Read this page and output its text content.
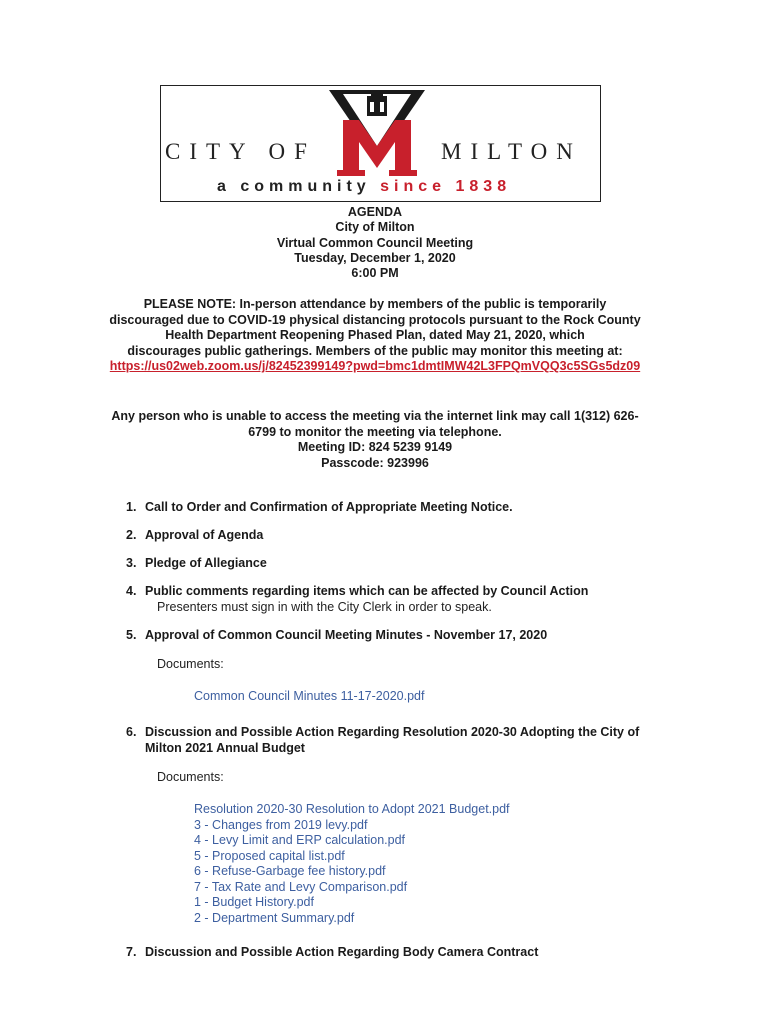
CITY OF	MILTON
a community since 1838
AGENDA
City of Milton
Virtual Common Council Meeting
Tuesday, December 1, 2020
6:00 PM
PLEASE NOTE: In-person attendance by members of the public is temporarily
discouraged due to COVID-19 physical distancing protocols pursuant to the Rock County
Health Department Reopening Phased Plan, dated May 21, 2020, which
discourages public gatherings. Members of the public may monitor this meeting at:
https://us02web.zoom.us/j/82452399149?pwd=bmc1dmtIMW42L3FPQmVQQ3c5SGs5dz09
Any person who is unable to access the meeting via the internet link may call 1(312) 626-
6799 to monitor the meeting via telephone.
Meeting ID: 824 5239 9149
Passcode: 923996
1. Call to Order and Confirmation of Appropriate Meeting Notice.
2. Approval of Agenda
3. Pledge of Allegiance
4. Public comments regarding items which can be affected by Council Action
Presenters must sign in with the City Clerk in order to speak.
5. Approval of Common Council Meeting Minutes - November 17, 2020
Documents:
Common Council Minutes 11-17-2020.pdf
6. Discussion and Possible Action Regarding Resolution 2020-30 Adopting the City of
Milton 2021 Annual Budget
Documents:
Resolution 2020-30 Resolution to Adopt 2021 Budget.pdf
3 - Changes from 2019 levy.pdf
4 - Levy Limit and ERP calculation.pdf
5 - Proposed capital list.pdf
6 - Refuse-Garbage fee history.pdf
7 - Tax Rate and Levy Comparison.pdf
1 - Budget History.pdf
2 - Department Summary.pdf
7. Discussion and Possible Action Regarding Body Camera Contract
